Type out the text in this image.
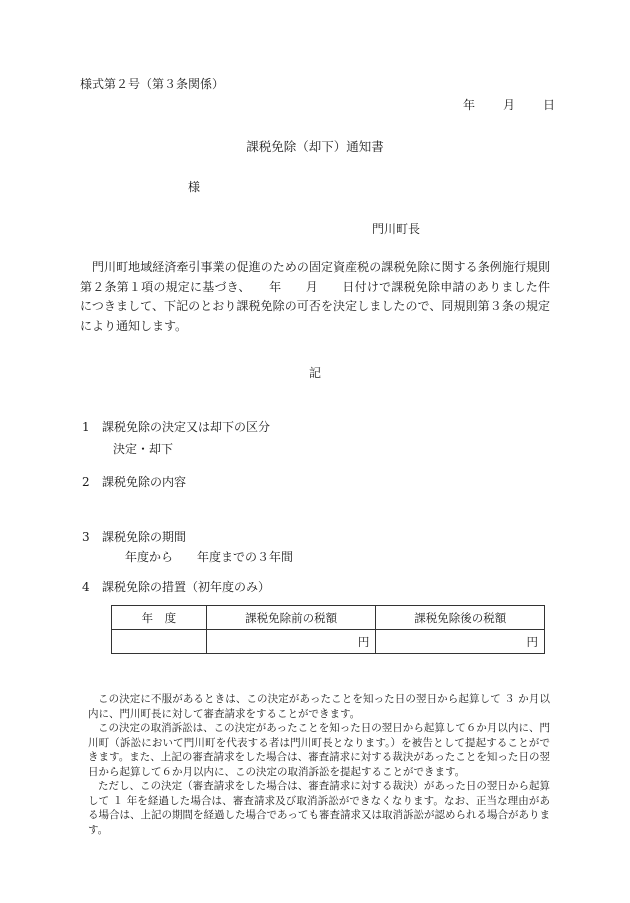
様式第２号（第３条関係）
年 月 日
課税免除（却下）通知書
様
門川町長
門川町地域経済牽引事業の促進のための固定資産税の課税免除に関する条例施行規則第２条第１項の規定に基づき、　　年　　月　　日付けで課税免除申請のありました件につきまして、下記のとおり課税免除の可否を決定しましたので、同規則第３条の規定により通知します。
記
1 課税免除の決定又は却下の区分
決定・却下
2 課税免除の内容
3 課税免除の期間
年度から　　年度までの３年間
4 課税免除の措置（初年度のみ）
年　度	課税免除前の税額	課税免除後の税額
	円	円

この決定に不服があるときは、この決定があったことを知った日の翌日から起算して ３ か月以内に、門川町長に対して審査請求をすることができます。

この決定の取消訴訟は、この決定があったことを知った日の翌日から起算して６か月以内に、門川町（訴訟において門川町を代表する者は門川町長となります。）を被告として提起することができます。また、上記の審査請求をした場合は、審査請求に対する裁決があったことを知った日の翌日から起算して６か月以内に、この決定の取消訴訟を提起することができます。

ただし、この決定（審査請求をした場合は、審査請求に対する裁決）があった日の翌日から起算して １ 年を経過した場合は、審査請求及び取消訴訟ができなくなります。なお、正当な理由がある場合は、上記の期間を経過した場合であっても審査請求又は取消訴訟が認められる場合があります。
